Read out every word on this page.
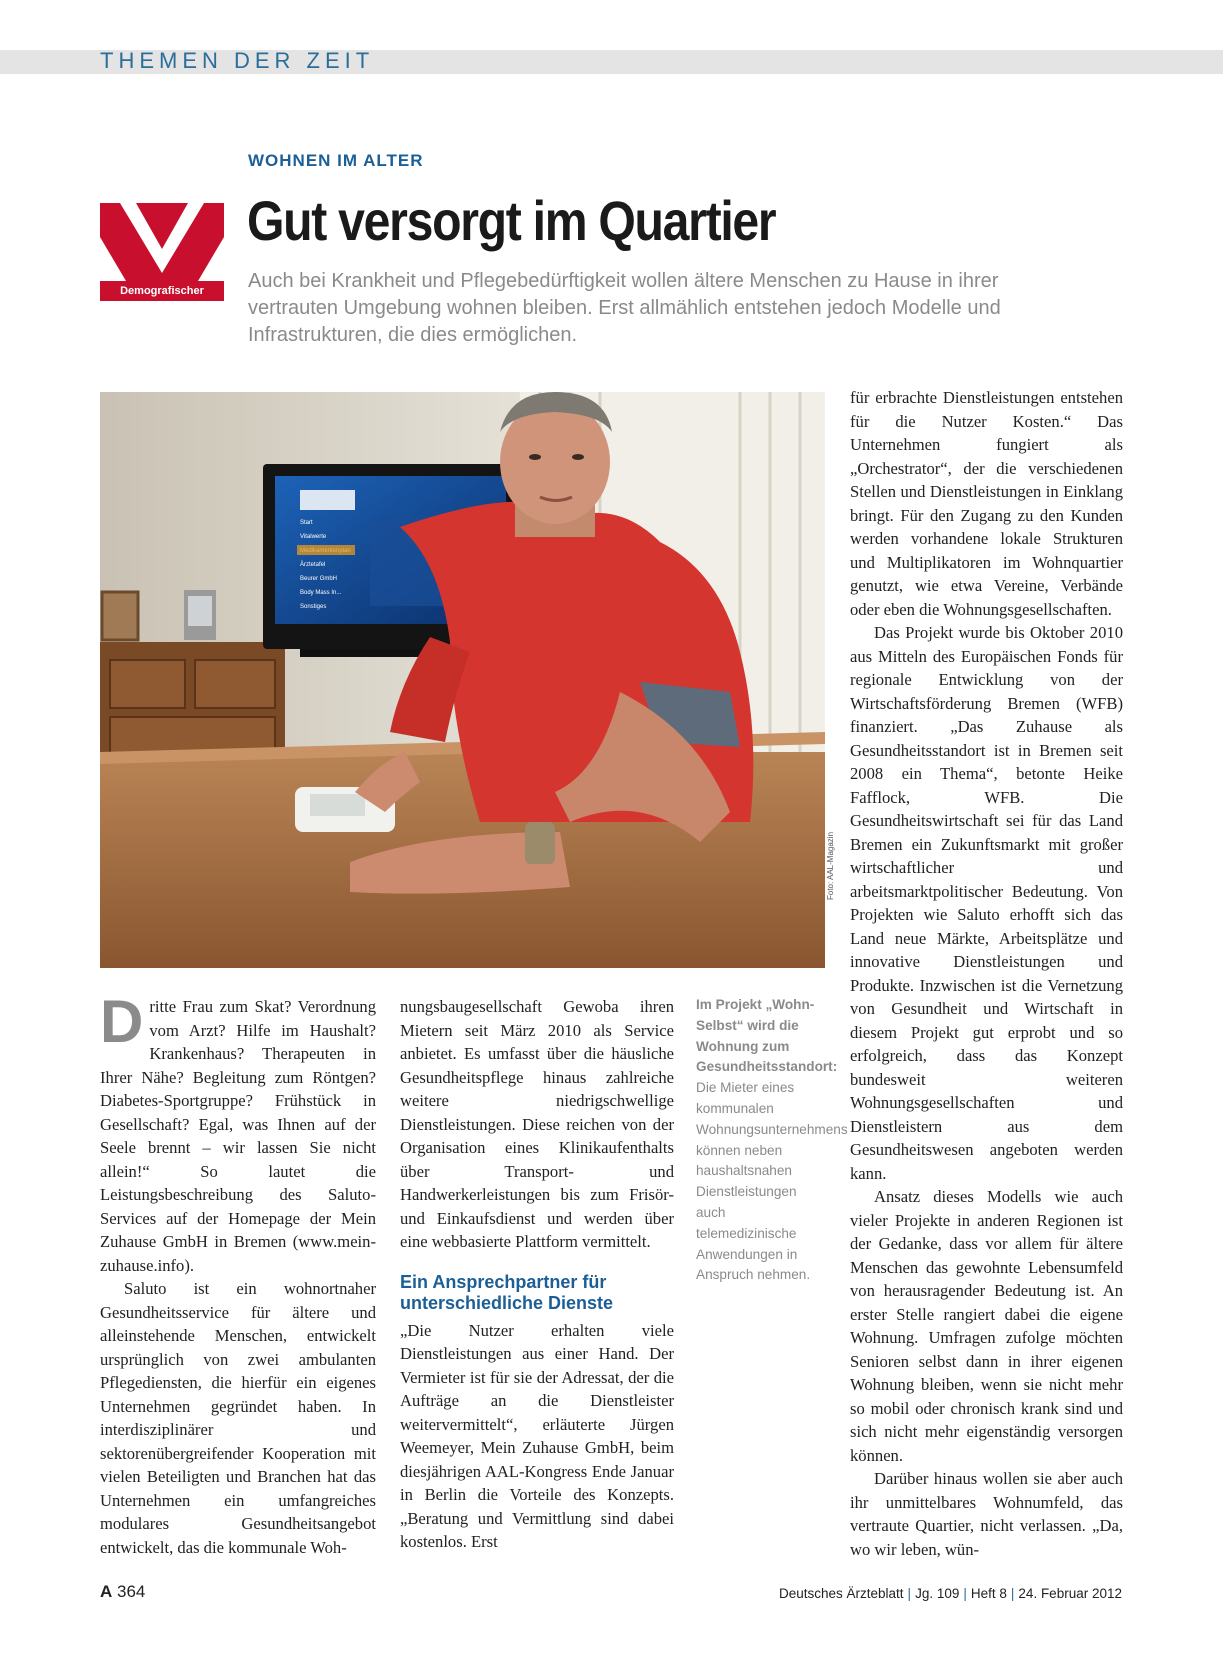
THEMEN DER ZEIT
WOHNEN IM ALTER
Gut versorgt im Quartier
Auch bei Krankheit und Pflegebedürftigkeit wollen ältere Menschen zu Hause in ihrer vertrauten Umgebung wohnen bleiben. Erst allmählich entstehen jedoch Modelle und Infrastrukturen, die dies ermöglichen.
Demografischer Wandel
Start
Vitalwerte
Ärztetafel
Beurer GmbH
Body Mass In...
Sonstiges
Foto: AAL-Magazin

Dritte Frau zum Skat? Verordnung vom Arzt? Hilfe im Haushalt? Krankenhaus? Therapeuten in Ihrer Nähe? Begleitung zum Röntgen? Diabetes-Sportgruppe? Frühstück in Gesellschaft? Egal, was Ihnen auf der Seele brennt – wir lassen Sie nicht allein!“ So lautet die Leistungsbeschreibung des Saluto-Services auf der Homepage der Mein Zuhause GmbH in Bremen (www.mein-zuhause.info).

Saluto ist ein wohnortnaher Gesundheitsservice für ältere und alleinstehende Menschen, entwickelt ursprünglich von zwei ambulanten Pflegediensten, die hierfür ein eigenes Unternehmen gegründet haben. In interdisziplinärer und sektorenübergreifender Kooperation mit vielen Beteiligten und Branchen hat das Unternehmen ein umfangreiches modulares Gesundheitsangebot entwickelt, das die kommunale Woh-

nungsbaugesellschaft Gewoba ihren Mietern seit März 2010 als Service anbietet. Es umfasst über die häusliche Gesundheitspflege hinaus zahlreiche weitere niedrigschwellige Dienstleistungen. Diese reichen von der Organisation eines Klinikaufenthalts über Transport- und Handwerkerleistungen bis zum Frisör- und Einkaufsdienst und werden über eine webbasierte Plattform vermittelt.

Ein Ansprechpartner für unterschiedliche Dienste

„Die Nutzer erhalten viele Dienstleistungen aus einer Hand. Der Vermieter ist für sie der Adressat, der die Aufträge an die Dienstleister weitervermittelt“, erläuterte Jürgen Weemeyer, Mein Zuhause GmbH, beim diesjährigen AAL-Kongress Ende Januar in Berlin die Vorteile des Konzepts. „Beratung und Vermittlung sind dabei kostenlos. Erst

Im Projekt „Wohn-Selbst“ wird die Wohnung zum Gesundheitsstandort: Die Mieter eines kommunalen Wohnungsunternehmens können neben haushaltsnahen Dienstleistungen auch telemedizinische Anwendungen in Anspruch nehmen.

für erbrachte Dienstleistungen entstehen für die Nutzer Kosten.“ Das Unternehmen fungiert als „Orchestrator“, der die verschiedenen Stellen und Dienstleistungen in Einklang bringt. Für den Zugang zu den Kunden werden vorhandene lokale Strukturen und Multiplikatoren im Wohnquartier genutzt, wie etwa Vereine, Verbände oder eben die Wohnungsgesellschaften.

Das Projekt wurde bis Oktober 2010 aus Mitteln des Europäischen Fonds für regionale Entwicklung von der Wirtschaftsförderung Bremen (WFB) finanziert. „Das Zuhause als Gesundheitsstandort ist in Bremen seit 2008 ein Thema“, betonte Heike Fafflock, WFB. Die Gesundheitswirtschaft sei für das Land Bremen ein Zukunftsmarkt mit großer wirtschaftlicher und arbeitsmarktpolitischer Bedeutung. Von Projekten wie Saluto erhofft sich das Land neue Märkte, Arbeitsplätze und innovative Dienstleistungen und Produkte. Inzwischen ist die Vernetzung von Gesundheit und Wirtschaft in diesem Projekt gut erprobt und so erfolgreich, dass das Konzept bundesweit weiteren Wohnungsgesellschaften und Dienstleistern aus dem Gesundheitswesen angeboten werden kann.

Ansatz dieses Modells wie auch vieler Projekte in anderen Regionen ist der Gedanke, dass vor allem für ältere Menschen das gewohnte Lebensumfeld von herausragender Bedeutung ist. An erster Stelle rangiert dabei die eigene Wohnung. Umfragen zufolge möchten Senioren selbst dann in ihrer eigenen Wohnung bleiben, wenn sie nicht mehr so mobil oder chronisch krank sind und sich nicht mehr eigenständig versorgen können.

Darüber hinaus wollen sie aber auch ihr unmittelbares Wohnumfeld, das vertraute Quartier, nicht verlassen. „Da, wo wir leben, wün-

A 364	Deutsches Ärzteblatt | Jg. 109 | Heft 8 | 24. Februar 2012
